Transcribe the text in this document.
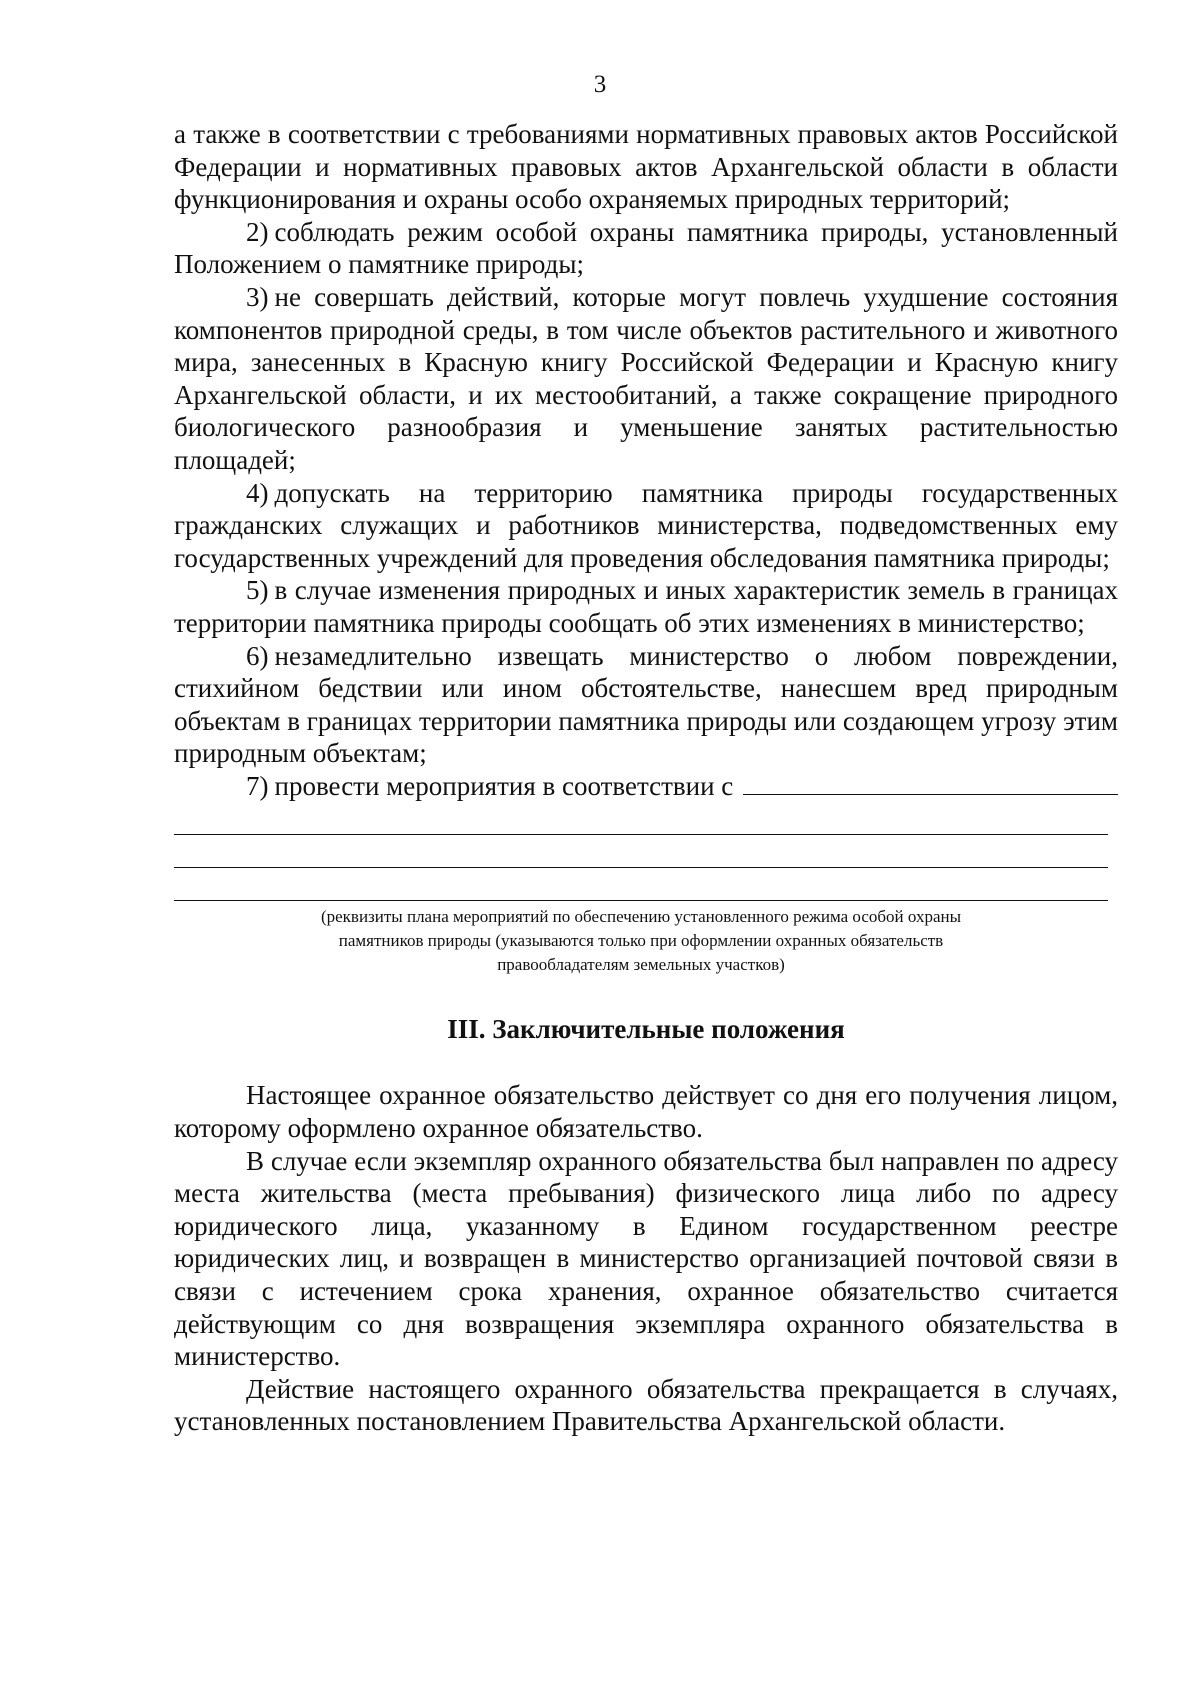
3

а также в соответствии с требованиями нормативных правовых актов Российской Федерации и нормативных правовых актов Архангельской области в области функционирования и охраны особо охраняемых природных территорий;

2) соблюдать режим особой охраны памятника природы, установленный Положением о памятнике природы;

3) не совершать действий, которые могут повлечь ухудшение состояния компонентов природной среды, в том числе объектов растительного и животного мира, занесенных в Красную книгу Российской Федерации и Красную книгу Архангельской области, и их местообитаний, а также сокращение природного биологического разнообразия и уменьшение занятых растительностью площадей;

4) допускать на территорию памятника природы государственных гражданских служащих и работников министерства, подведомственных ему государственных учреждений для проведения обследования памятника природы;

5) в случае изменения природных и иных характеристик земель в границах территории памятника природы сообщать об этих изменениях в министерство;

6) незамедлительно извещать министерство о любом повреждении, стихийном бедствии или ином обстоятельстве, нанесшем вред природным объектам в границах территории памятника природы или создающем угрозу этим природным объектам;

7) провести мероприятия в соответствии с
(реквизиты плана мероприятий по обеспечению установленного режима особой охраны
памятников природы (указываются только при оформлении охранных обязательств
правообладателям земельных участков)
III. Заключительные положения

Настоящее охранное обязательство действует со дня его получения лицом, которому оформлено охранное обязательство.

В случае если экземпляр охранного обязательства был направлен по адресу места жительства (места пребывания) физического лица либо по адресу юридического лица, указанному в Едином государственном реестре юридических лиц, и возвращен в министерство организацией почтовой связи в связи с истечением срока хранения, охранное обязательство считается действующим со дня возвращения экземпляра охранного обязательства в министерство.

Действие настоящего охранного обязательства прекращается в случаях, установленных постановлением Правительства Архангельской области.
